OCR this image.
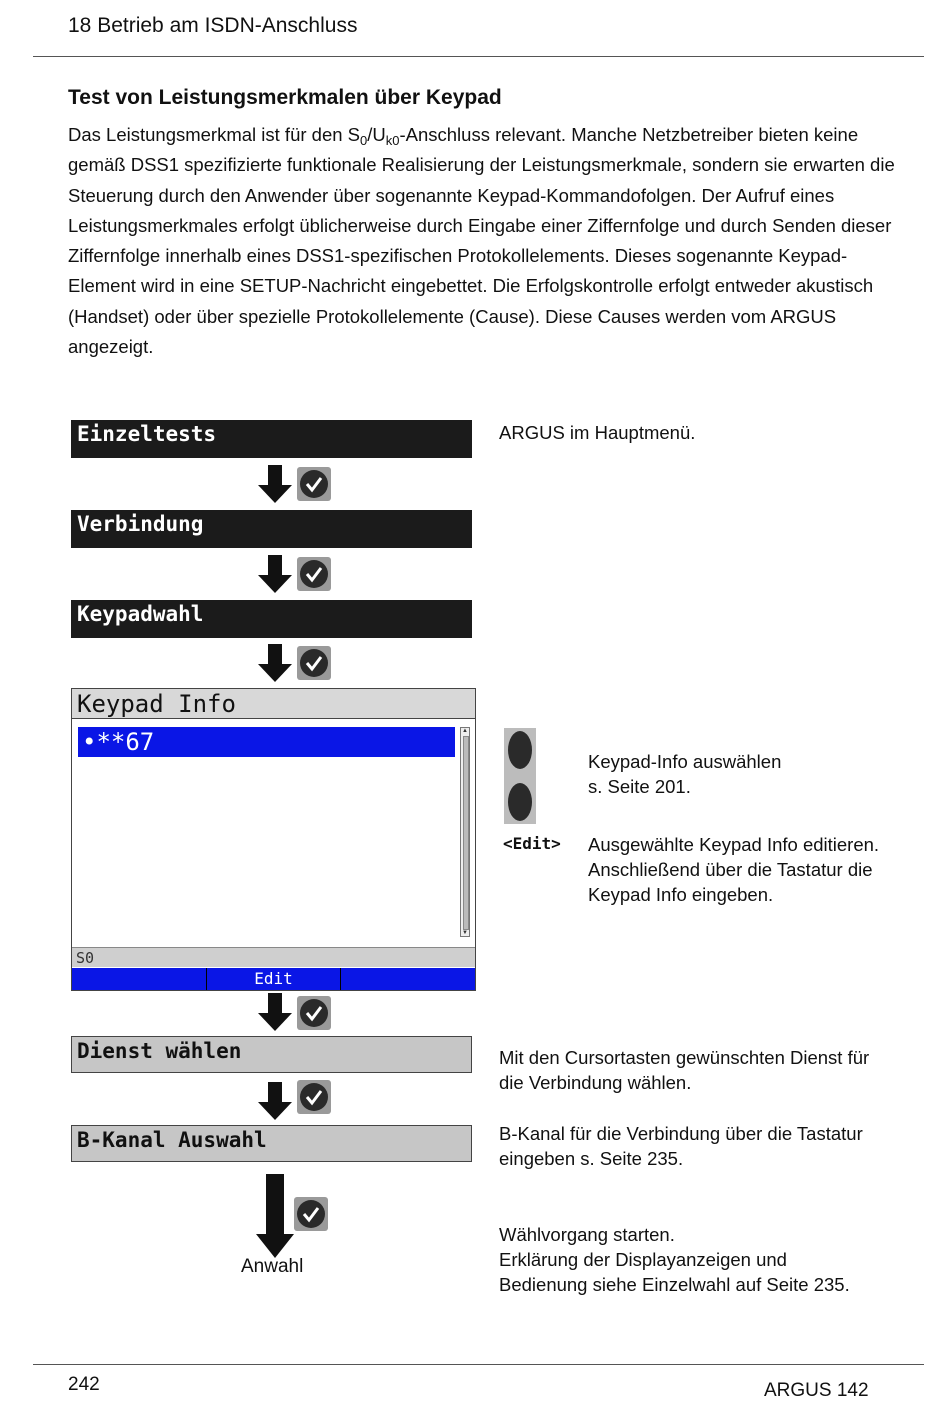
18 Betrieb am ISDN-Anschluss
Test von Leistungsmerkmalen über Keypad

Das Leistungsmerkmal ist für den $S_0/U_{k0}$-Anschluss relevant. Manche Netzbetreiber bieten keine gemäß DSS1 spezifizierte funktionale Realisierung der Leistungsmerkmale, sondern sie erwarten die Steuerung durch den Anwender über sogenannte Keypad-Kommandofolgen. Der Aufruf eines Leistungsmerkmales erfolgt üblicherweise durch Eingabe einer Ziffernfolge und durch Senden dieser Ziffernfolge innerhalb eines DSS1-spezifischen Protokollelements. Dieses sogenannte Keypad-Element wird in eine SETUP-Nachricht eingebettet. Die Erfolgskontrolle erfolgt entweder akustisch (Handset) oder über spezielle Protokollelemente (Cause). Diese Causes werden vom ARGUS angezeigt.

Einzeltests	ARGUS im Hauptmenü.
Verbindung
Keypadwahl
Keypad Info
•**67	▲
▼
S0
Edit
Keypad-Info auswählen
s. Seite 201.
<Edit> Ausgewählte Keypad Info editieren. Anschließend über die Tastatur die Keypad Info eingeben.
Dienst wählen	Mit den Cursortasten gewünschten Dienst für die Verbindung wählen.
B-Kanal Auswahl	B-Kanal für die Verbindung über die Tastatur eingeben s. Seite 235.
Anwahl
Wählvorgang starten.
Erklärung der Displayanzeigen und Bedienung siehe Einzelwahl auf Seite 235.
242	ARGUS 142
